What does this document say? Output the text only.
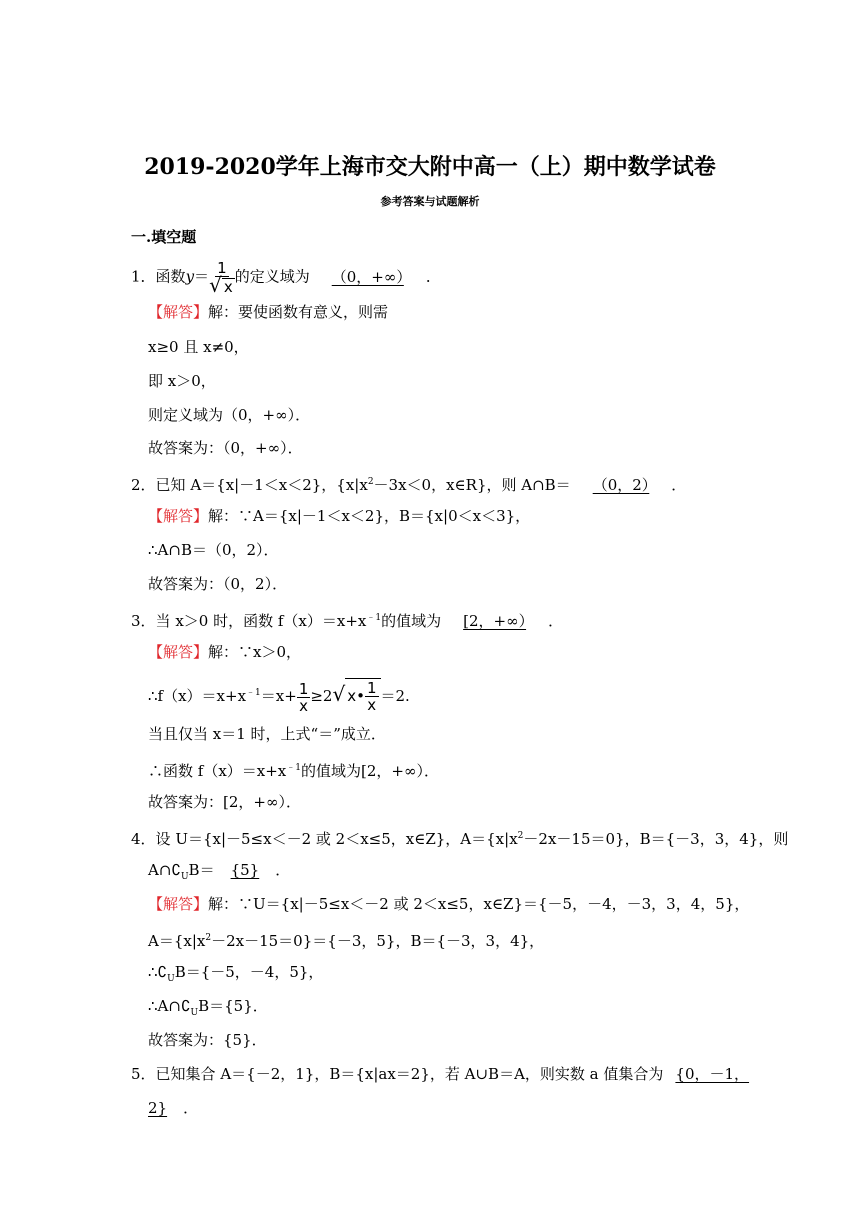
2019-2020学年上海市交大附中高一（上）期中数学试卷
参考答案与试题解析
一.填空题
1．函数$y= \frac{1}{√ x}$ 的定义域为 （0，+∞） ．
【解答】解：要使函数有意义，则需
x≥0 且 x≠0，
即 x＞0，
则定义域为（0，+∞）．
故答案为：（0，+∞）．
2．已知 A＝{x|－1＜x＜2}，{$x|x^2-3x<0$，x∈R}，则 A∩B＝ （0，2） ．
【解答】解：∵A＝{x|－1＜x＜2}，B＝{x|0＜x＜3}，
∴A∩B＝（0，2）．
故答案为：（0，2）．
3．当 x＞0 时，函数 $f(x)=x+x^{﹣1}$的值域为 [2，+∞） ．
【解答】解：∵x＞0，
$\therefore f(x)=x+x^{﹣1}=x+ \frac{1}{x} \ge 2√$ x• $\frac{1}{x} =2$.
当且仅当 x＝1 时，上式“＝”成立．
∴函数 $f(x)=x+x^{﹣1}$的值域为[2，+∞）．
故答案为：[2，+∞）．
4．设 U＝{x|－5≤x＜－2 或 2＜x≤5，x∈Z}，$A=\{x|x^2-2x-15=0\}$，B＝{－3，3，4}，则
$A\cap∁_UB= \{5\}$ ．
【解答】解：∵U＝{x|－5≤x＜－2 或 2＜x≤5，x∈Z}＝{－5，－4，－3，3，4，5}，
$A=\{x|x^2-2x-15=0\}=\{-3$，5}，B＝{－3，3，4}，
$\therefore∁_UB=\{-5$，－4，5}，
$\therefore A\cap∁_UB=\{5\}$．
故答案为：{5}．
5．已知集合 A＝{－2，1}，B＝{x|ax＝2}，若 A∪B＝A，则实数 a 值集合为 {0，－1，
2} ．
